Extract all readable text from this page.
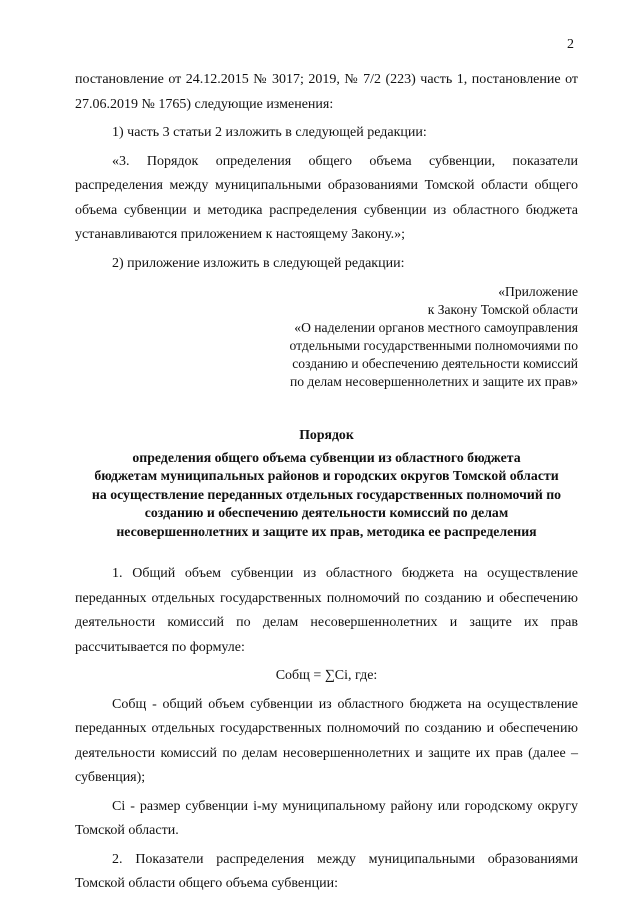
2

постановление от 24.12.2015 № 3017; 2019, № 7/2 (223) часть 1, постановление от

27.06.2019 № 1765) следующие изменения:

1) часть 3 статьи 2 изложить в следующей редакции:

«3. Порядок определения общего объема субвенции, показатели распределения между муниципальными образованиями Томской области общего объема субвенции и методика распределения субвенции из областного бюджета устанавливаются приложением к настоящему Закону.»;

2) приложение изложить в следующей редакции:

«Приложение
к Закону Томской области
«О наделении органов местного самоуправления
отдельными государственными полномочиями по
созданию и обеспечению деятельности комиссий
по делам несовершеннолетних и защите их прав»
Порядок
определения общего объема субвенции из областного бюджета
бюджетам муниципальных районов и городских округов Томской области
на осуществление переданных отдельных государственных полномочий по
созданию и обеспечению деятельности комиссий по делам
несовершеннолетних и защите их прав, методика ее распределения

1. Общий объем субвенции из областного бюджета на осуществление переданных отдельных государственных полномочий по созданию и обеспечению деятельности комиссий по делам несовершеннолетних и защите их прав рассчитывается по формуле:

Собщ = ∑Ci, где:

Собщ - общий объем субвенции из областного бюджета на осуществление переданных отдельных государственных полномочий по созданию и обеспечению деятельности комиссий по делам несовершеннолетних и защите их прав (далее – субвенция);

Ci - размер субвенции i-му муниципальному району или городскому округу Томской области.

2. Показатели распределения между муниципальными образованиями Томской области общего объема субвенции:
